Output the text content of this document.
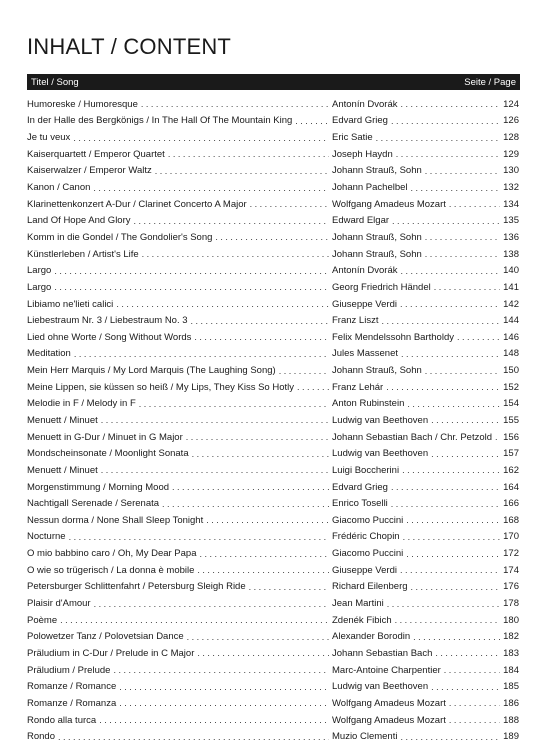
INHALT / CONTENT
Titel / Song	Seite / Page
Humoreske / Humoresque . . .	Antonín Dvorák . . .	124
In der Halle des Bergkönigs / In The Hall Of The Mountain King . . .	Edvard Grieg . . .	126
Je tu veux . . .	Eric Satie . . .	128
Kaiserquartett / Emperor Quartet . . .	Joseph Haydn . . .	129
Kaiserwalzer / Emperor Waltz . . .	Johann Strauß, Sohn . . .	130
Kanon / Canon . . .	Johann Pachelbel . . .	132
Klarinettenkonzert A-Dur / Clarinet Concerto A Major . . .	Wolfgang Amadeus Mozart . . .	134
Land Of Hope And Glory . . .	Edward Elgar . . .	135
Komm in die Gondel / The Gondolier's Song . . .	Johann Strauß, Sohn . . .	136
Künstlerleben / Artist's Life . . .	Johann Strauß, Sohn . . .	138
Largo . . .	Antonín Dvorák . . .	140
Largo . . .	Georg Friedrich Händel . . .	141
Libiamo ne'lieti calici . . .	Giuseppe Verdi . . .	142
Liebestraum Nr. 3 / Liebestraum No. 3 . . .	Franz Liszt . . .	144
Lied ohne Worte / Song Without Words . . .	Felix Mendelssohn Bartholdy . . .	146
Meditation . . .	Jules Massenet . . .	148
Mein Herr Marquis / My Lord Marquis (The Laughing Song) . . .	Johann Strauß, Sohn . . .	150
Meine Lippen, sie küssen so heiß / My Lips, They Kiss So Hotly . . .	Franz Lehár . . .	152
Melodie in F / Melody in F . . .	Anton Rubinstein . . .	154
Menuett / Minuet . . .	Ludwig van Beethoven . . .	155
Menuett in G-Dur / Minuet in G Major . . .	Johann Sebastian Bach / Chr. Petzold . . . 156
Mondscheinsonate / Moonlight Sonata . . .	Ludwig van Beethoven . . .	157
Menuett / Minuet . . .	Luigi Boccherini . . .	162
Morgenstimmung / Morning Mood . . .	Edvard Grieg . . .	164
Nachtigall Serenade / Serenata . . .	Enrico Toselli . . .	166
Nessun dorma / None Shall Sleep Tonight . . .	Giacomo Puccini . . .	168
Nocturne . . .	Frédéric Chopin . . .	170
O mio babbino caro / Oh, My Dear Papa . . .	Giacomo Puccini . . .	172
O wie so trügerisch / La donna è mobile . . .	Giuseppe Verdi . . .	174
Petersburger Schlittenfahrt / Petersburg Sleigh Ride . . .	Richard Eilenberg . . .	176
Plaisir d'Amour . . .	Jean Martini . . .	178
Poème . . .	Zdenék Fibich . . .	180
Polowetzer Tanz / Polovetsian Dance . . .	Alexander Borodin . . .	182
Präludium in C-Dur / Prelude in C Major . . .	Johann Sebastian Bach . . .	183
Präludium / Prelude . . .	Marc-Antoine Charpentier . . .	184
Romanze / Romance . . .	Ludwig van Beethoven . . .	185
Romanze / Romanza . . .	Wolfgang Amadeus Mozart . . .	186
Rondo alla turca . . .	Wolfgang Amadeus Mozart . . .	188
Rondo . . .	Muzio Clementi . . .	189
